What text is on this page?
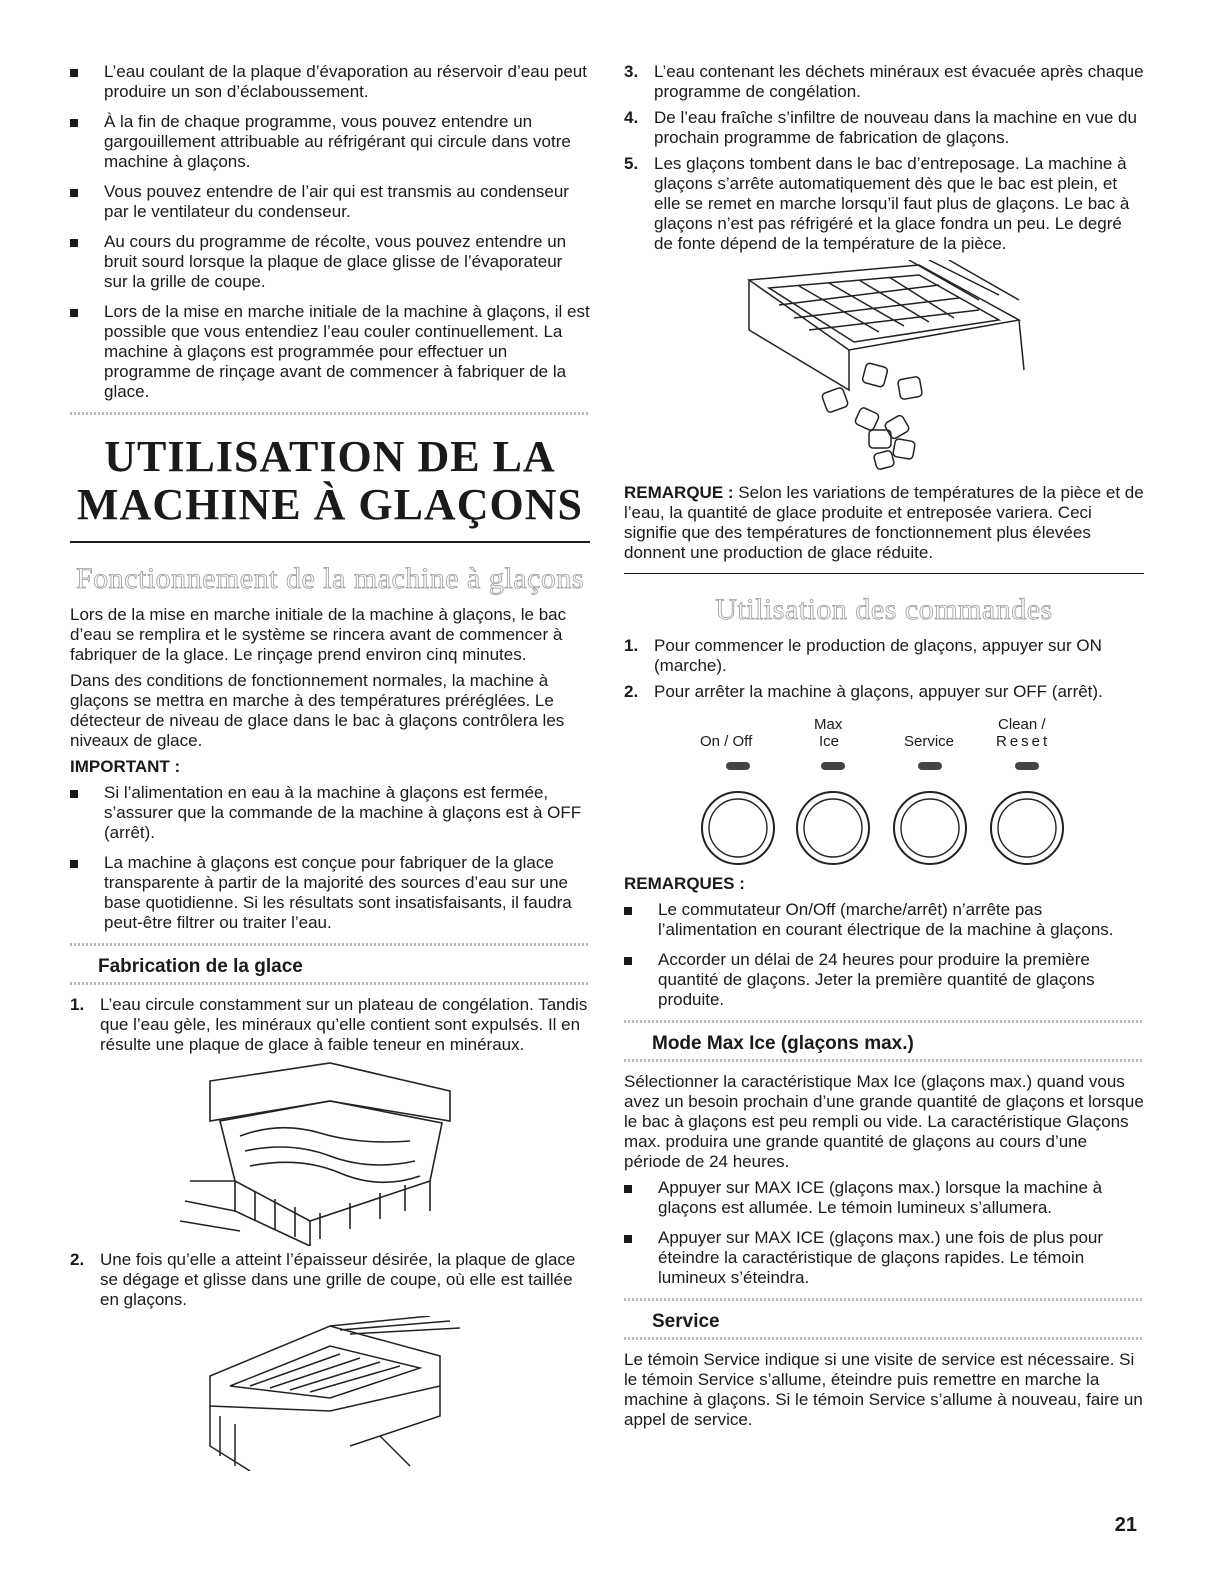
L’eau coulant de la plaque d’évaporation au réservoir d’eau peut produire un son d’éclaboussement.
À la fin de chaque programme, vous pouvez entendre un gargouillement attribuable au réfrigérant qui circule dans votre machine à glaçons.
Vous pouvez entendre de l’air qui est transmis au condenseur par le ventilateur du condenseur.
Au cours du programme de récolte, vous pouvez entendre un bruit sourd lorsque la plaque de glace glisse de l’évaporateur sur la grille de coupe.
Lors de la mise en marche initiale de la machine à glaçons, il est possible que vous entendiez l’eau couler continuellement. La machine à glaçons est programmée pour effectuer un programme de rinçage avant de commencer à fabriquer de la glace.
UTILISATION DE LA
MACHINE À GLAÇONS
Fonctionnement de la machine à glaçons

Lors de la mise en marche initiale de la machine à glaçons, le bac d’eau se remplira et le système se rincera avant de commencer à fabriquer de la glace. Le rinçage prend environ cinq minutes.

Dans des conditions de fonctionnement normales, la machine à glaçons se mettra en marche à des températures préréglées. Le détecteur de niveau de glace dans le bac à glaçons contrôlera les niveaux de glace.

IMPORTANT :
Si l’alimentation en eau à la machine à glaçons est fermée, s’assurer que la commande de la machine à glaçons est à OFF (arrêt).
La machine à glaçons est conçue pour fabriquer de la glace transparente à partir de la majorité des sources d’eau sur une base quotidienne. Si les résultats sont insatisfaisants, il faudra peut-être filtrer ou traiter l’eau.
Fabrication de la glace
1. L’eau circule constamment sur un plateau de congélation. Tandis que l’eau gèle, les minéraux qu’elle contient sont expulsés. Il en résulte une plaque de glace à faible teneur en minéraux.
2. Une fois qu’elle a atteint l’épaisseur désirée, la plaque de glace se dégage et glisse dans une grille de coupe, où elle est taillée en glaçons.
3. L’eau contenant les déchets minéraux est évacuée après chaque programme de congélation.
4. De l’eau fraîche s’infiltre de nouveau dans la machine en vue du prochain programme de fabrication de glaçons.
5. Les glaçons tombent dans le bac d’entreposage. La machine à glaçons s’arrête automatiquement dès que le bac est plein, et elle se remet en marche lorsqu’il faut plus de glaçons. Le bac à glaçons n’est pas réfrigéré et la glace fondra un peu. Le degré de fonte dépend de la température de la pièce.

REMARQUE : Selon les variations de températures de la pièce et de l’eau, la quantité de glace produite et entreposée variera. Ceci signifie que des températures de fonctionnement plus élevées donnent une production de glace réduite.

Utilisation des commandes
1. Pour commencer le production de glaçons, appuyer sur ON (marche).
2. Pour arrêter la machine à glaçons, appuyer sur OFF (arrêt).
On / Off
Max
Ice	Service
Clean /
Reset
REMARQUES :
Le commutateur On/Off (marche/arrêt) n’arrête pas l’alimentation en courant électrique de la machine à glaçons.
Accorder un délai de 24 heures pour produire la première quantité de glaçons. Jeter la première quantité de glaçons produite.
Mode Max Ice (glaçons max.)

Sélectionner la caractéristique Max Ice (glaçons max.) quand vous avez un besoin prochain d’une grande quantité de glaçons et lorsque le bac à glaçons est peu rempli ou vide. La caractéristique Glaçons max. produira une grande quantité de glaçons au cours d’une période de 24 heures.

Appuyer sur MAX ICE (glaçons max.) lorsque la machine à glaçons est allumée. Le témoin lumineux s’allumera.
Appuyer sur MAX ICE (glaçons max.) une fois de plus pour éteindre la caractéristique de glaçons rapides. Le témoin lumineux s’éteindra.
Service

Le témoin Service indique si une visite de service est nécessaire. Si le témoin Service s’allume, éteindre puis remettre en marche la machine à glaçons. Si le témoin Service s’allume à nouveau, faire un appel de service.

21
